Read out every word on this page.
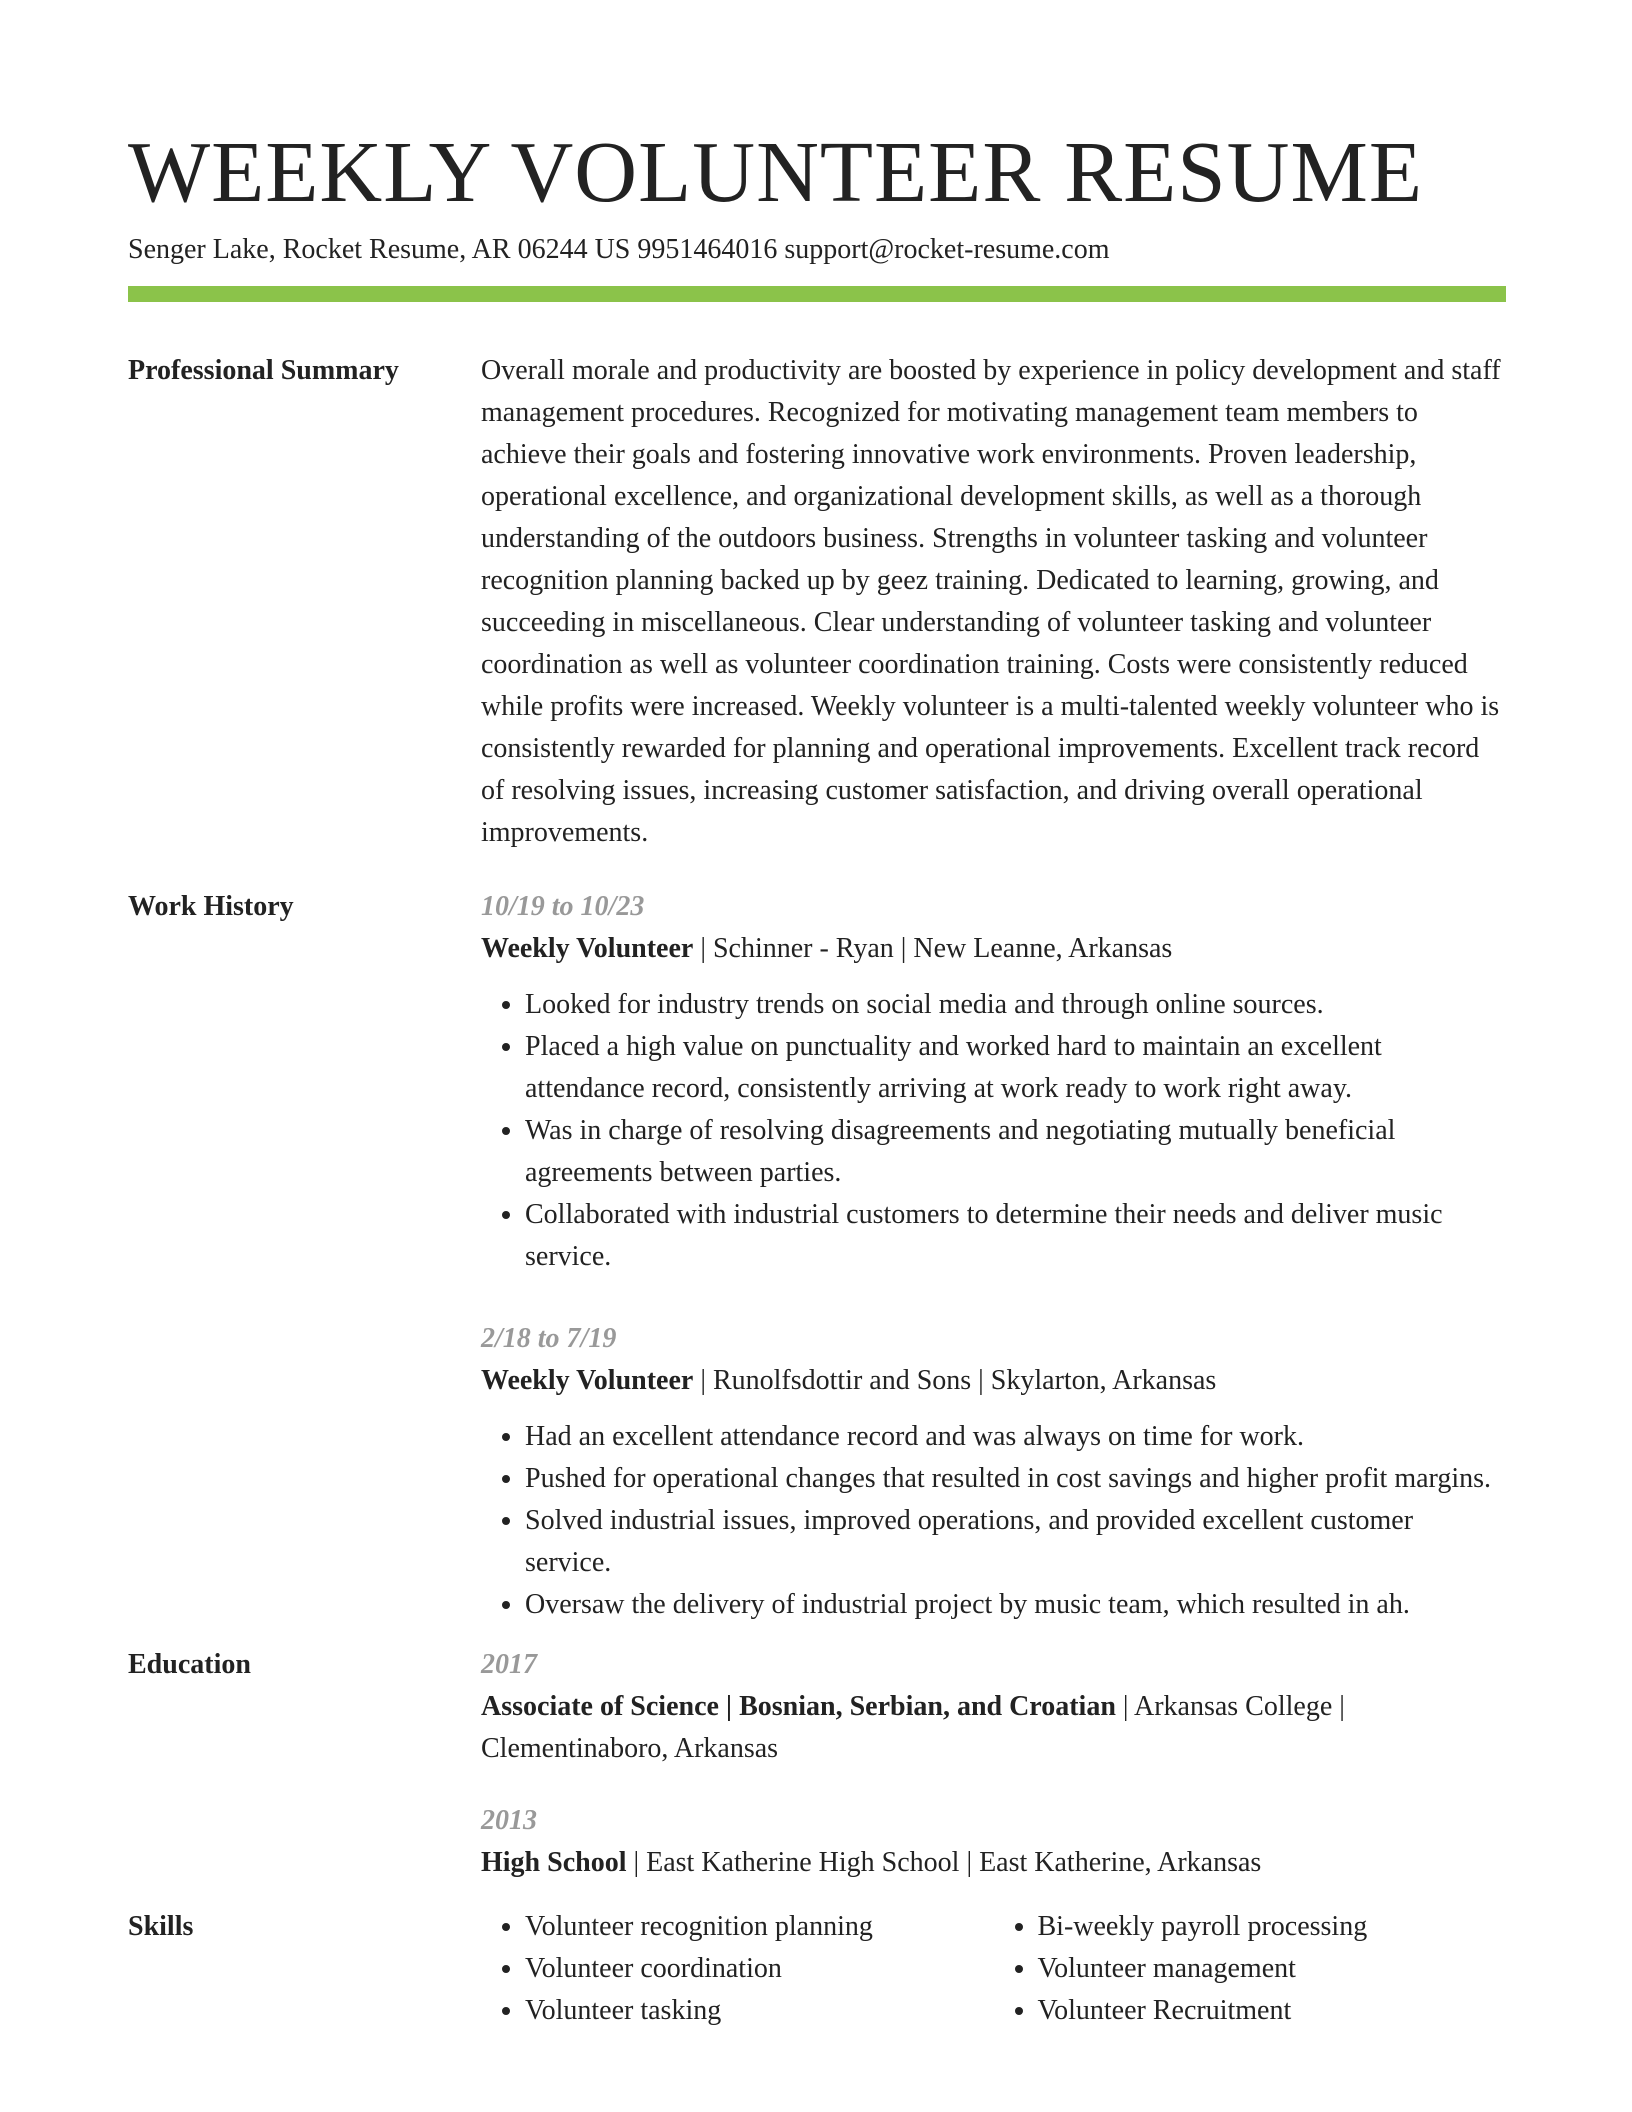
WEEKLY VOLUNTEER RESUME
Senger Lake, Rocket Resume, AR 06244 US 9951464016 support@rocket-resume.com
Professional Summary	Overall morale and productivity are boosted by experience in policy development and staff management procedures. Recognized for motivating management team members to achieve their goals and fostering innovative work environments. Proven leadership, operational excellence, and organizational development skills, as well as a thorough understanding of the outdoors business. Strengths in volunteer tasking and volunteer recognition planning backed up by geez training. Dedicated to learning, growing, and succeeding in miscellaneous. Clear understanding of volunteer tasking and volunteer coordination as well as volunteer coordination training. Costs were consistently reduced while profits were increased. Weekly volunteer is a multi-talented weekly volunteer who is consistently rewarded for planning and operational improvements. Excellent track record of resolving issues, increasing customer satisfaction, and driving overall operational improvements.

Work History	10/19 to 10/23

Weekly Volunteer | Schinner - Ryan | New Leanne, Arkansas

• Looked for industry trends on social media and through online sources.
• Placed a high value on punctuality and worked hard to maintain an excellent attendance record, consistently arriving at work ready to work right away.
• Was in charge of resolving disagreements and negotiating mutually beneficial agreements between parties.
• Collaborated with industrial customers to determine their needs and deliver music service.

2/18 to 7/19

Weekly Volunteer | Runolfsdottir and Sons | Skylarton, Arkansas

• Had an excellent attendance record and was always on time for work.
• Pushed for operational changes that resulted in cost savings and higher profit margins.
• Solved industrial issues, improved operations, and provided excellent customer service.
• Oversaw the delivery of industrial project by music team, which resulted in ah.
Education	2017

Associate of Science | Bosnian, Serbian, and Croatian | Arkansas College | Clementinaboro, Arkansas

2013

High School | East Katherine High School | East Katherine, Arkansas

Skills
•	Volunteer recognition planning
• Volunteer coordination
• Volunteer tasking
• Bi-weekly payroll processing
• Volunteer management
• Volunteer Recruitment
